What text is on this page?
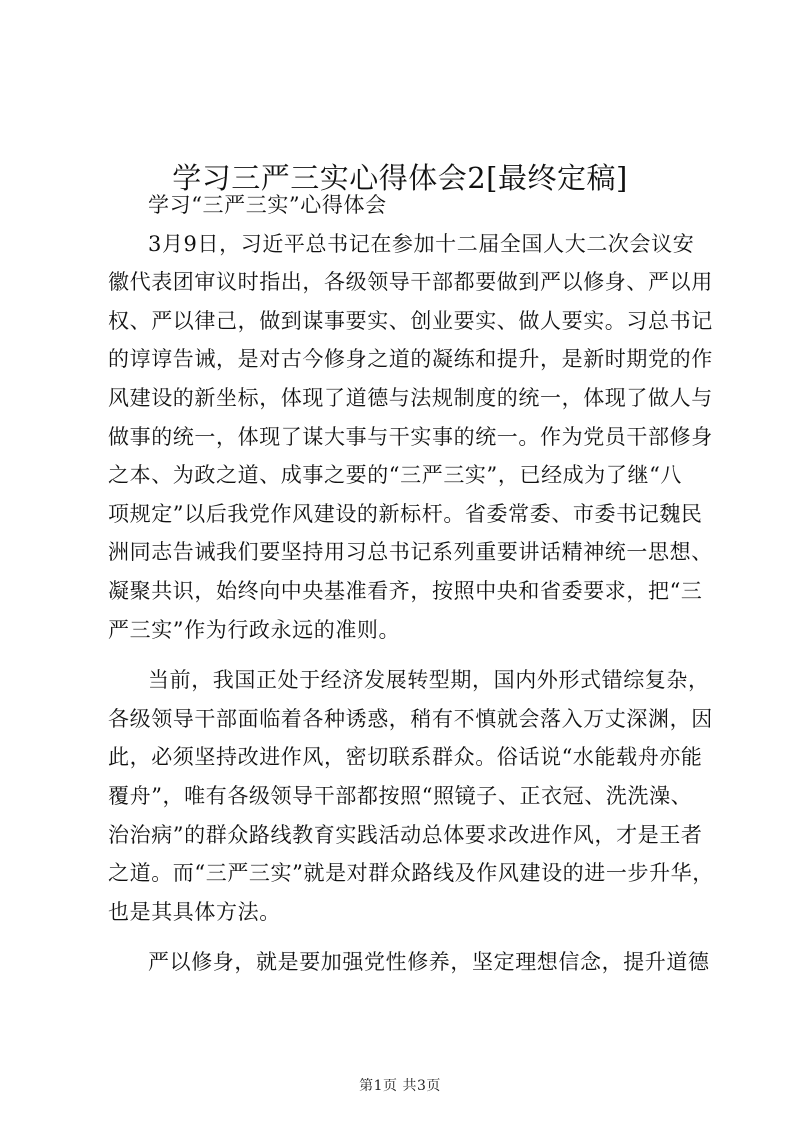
学习三严三实心得体会2[最终定稿]
学习“三严三实”心得体会
3月9日，习近平总书记在参加十二届全国人大二次会议安
徽代表团审议时指出，各级领导干部都要做到严以修身、严以用
权、严以律己，做到谋事要实、创业要实、做人要实。习总书记
的谆谆告诫，是对古今修身之道的凝练和提升，是新时期党的作
风建设的新坐标，体现了道德与法规制度的统一，体现了做人与
做事的统一，体现了谋大事与干实事的统一。作为党员干部修身
之本、为政之道、成事之要的“三严三实”，已经成为了继“八
项规定”以后我党作风建设的新标杆。省委常委、市委书记魏民
洲同志告诫我们要坚持用习总书记系列重要讲话精神统一思想、
凝聚共识，始终向中央基准看齐，按照中央和省委要求，把“三
严三实”作为行政永远的准则。
当前，我国正处于经济发展转型期，国内外形式错综复杂，
各级领导干部面临着各种诱惑，稍有不慎就会落入万丈深渊，因
此，必须坚持改进作风，密切联系群众。俗话说“水能载舟亦能
覆舟”，唯有各级领导干部都按照“照镜子、正衣冠、洗洗澡、
治治病”的群众路线教育实践活动总体要求改进作风，才是王者
之道。而“三严三实”就是对群众路线及作风建设的进一步升华，
也是其具体方法。
严以修身，就是要加强党性修养，坚定理想信念，提升道德
第1页 共3页
